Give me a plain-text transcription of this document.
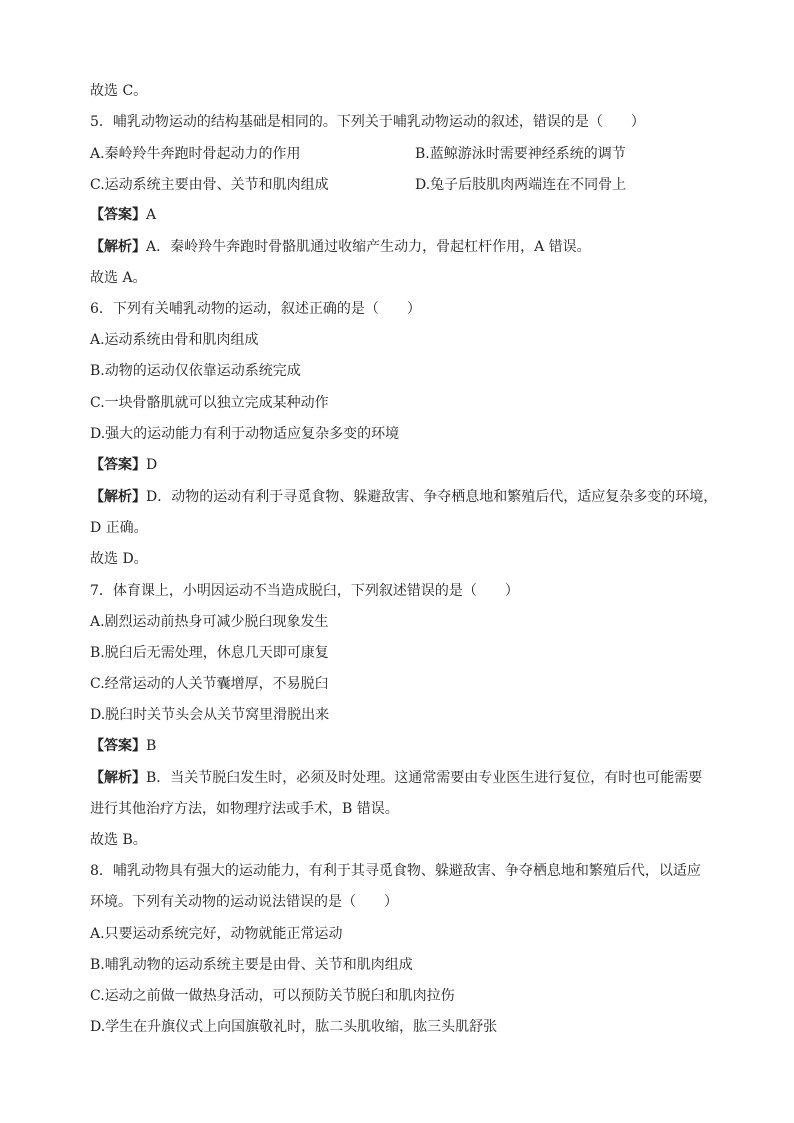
故选 C。
5．哺乳动物运动的结构基础是相同的。下列关于哺乳动物运动的叙述，错误的是（　　）
A.秦岭羚牛奔跑时骨起动力的作用	B.蓝鲸游泳时需要神经系统的调节
C.运动系统主要由骨、关节和肌肉组成	D.兔子后肢肌肉两端连在不同骨上
【答案】A
【解析】A．秦岭羚牛奔跑时骨骼肌通过收缩产生动力，骨起杠杆作用，A 错误。
故选 A。
6．下列有关哺乳动物的运动，叙述正确的是（　　）
A.运动系统由骨和肌肉组成
B.动物的运动仅依靠运动系统完成
C.一块骨骼肌就可以独立完成某种动作
D.强大的运动能力有利于动物适应复杂多变的环境
【答案】D
【解析】D．动物的运动有利于寻觅食物、躲避敌害、争夺栖息地和繁殖后代，适应复杂多变的环境，
D 正确。
故选 D。
7．体育课上，小明因运动不当造成脱臼，下列叙述错误的是（　　）
A.剧烈运动前热身可减少脱臼现象发生
B.脱臼后无需处理，休息几天即可康复
C.经常运动的人关节囊增厚，不易脱臼
D.脱臼时关节头会从关节窝里滑脱出来
【答案】B
【解析】B．当关节脱臼发生时，必须及时处理。这通常需要由专业医生进行复位，有时也可能需要
进行其他治疗方法，如物理疗法或手术，B 错误。
故选 B。
8．哺乳动物具有强大的运动能力，有利于其寻觅食物、躲避敌害、争夺栖息地和繁殖后代，以适应
环境。下列有关动物的运动说法错误的是（　　）
A.只要运动系统完好，动物就能正常运动
B.哺乳动物的运动系统主要是由骨、关节和肌肉组成
C.运动之前做一做热身活动，可以预防关节脱臼和肌肉拉伤
D.学生在升旗仪式上向国旗敬礼时，肱二头肌收缩，肱三头肌舒张
